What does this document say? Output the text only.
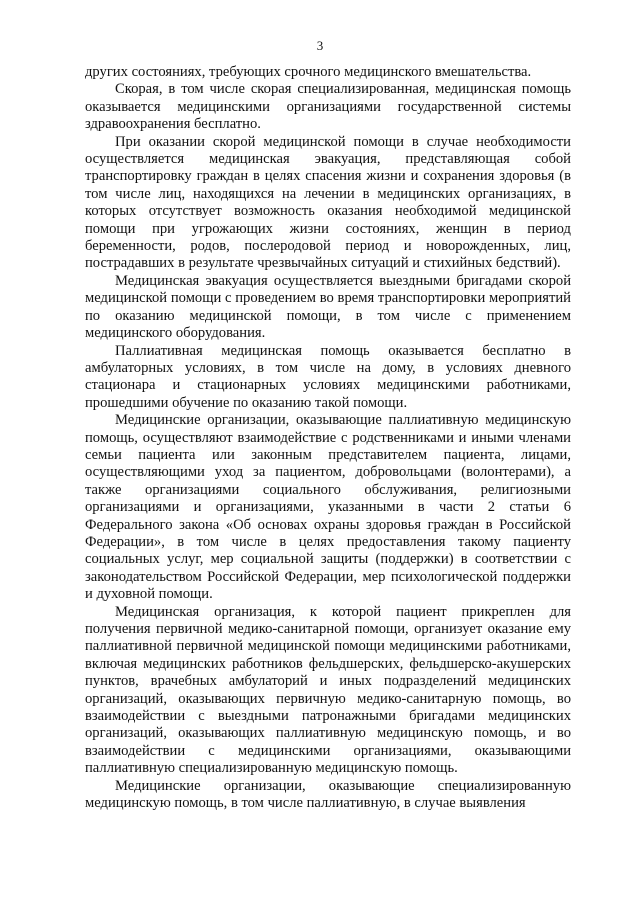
3

других состояниях, требующих срочного медицинского вмешательства.

Скорая, в том числе скорая специализированная, медицинская помощь оказывается медицинскими организациями государственной системы здравоохранения бесплатно.

При оказании скорой медицинской помощи в случае необходимости осуществляется медицинская эвакуация, представляющая собой транспортировку граждан в целях спасения жизни и сохранения здоровья (в том числе лиц, находящихся на лечении в медицинских организациях, в которых отсутствует возможность оказания необходимой медицинской помощи при угрожающих жизни состояниях, женщин в период беременности, родов, послеродовой период и новорожденных, лиц, пострадавших в результате чрезвычайных ситуаций и стихийных бедствий).

Медицинская эвакуация осуществляется выездными бригадами скорой медицинской помощи с проведением во время транспортировки мероприятий по оказанию медицинской помощи, в том числе с применением медицинского оборудования.

Паллиативная медицинская помощь оказывается бесплатно в амбулаторных условиях, в том числе на дому, в условиях дневного стационара и стационарных условиях медицинскими работниками, прошедшими обучение по оказанию такой помощи.

Медицинские организации, оказывающие паллиативную медицинскую помощь, осуществляют взаимодействие с родственниками и иными членами семьи пациента или законным представителем пациента, лицами, осуществляющими уход за пациентом, добровольцами (волонтерами), а также организациями социального обслуживания, религиозными организациями и организациями, указанными в части 2 статьи 6 Федерального закона «Об основах охраны здоровья граждан в Российской Федерации», в том числе в целях предоставления такому пациенту социальных услуг, мер социальной защиты (поддержки) в соответствии с законодательством Российской Федерации, мер психологической поддержки и духовной помощи.

Медицинская организация, к которой пациент прикреплен для получения первичной медико-санитарной помощи, организует оказание ему паллиативной первичной медицинской помощи медицинскими работниками, включая медицинских работников фельдшерских, фельдшерско-акушерских пунктов, врачебных амбулаторий и иных подразделений медицинских организаций, оказывающих первичную медико-санитарную помощь, во взаимодействии с выездными патронажными бригадами медицинских организаций, оказывающих паллиативную медицинскую помощь, и во взаимодействии с медицинскими организациями, оказывающими паллиативную специализированную медицинскую помощь.

Медицинские организации, оказывающие специализированную медицинскую помощь, в том числе паллиативную, в случае выявления
